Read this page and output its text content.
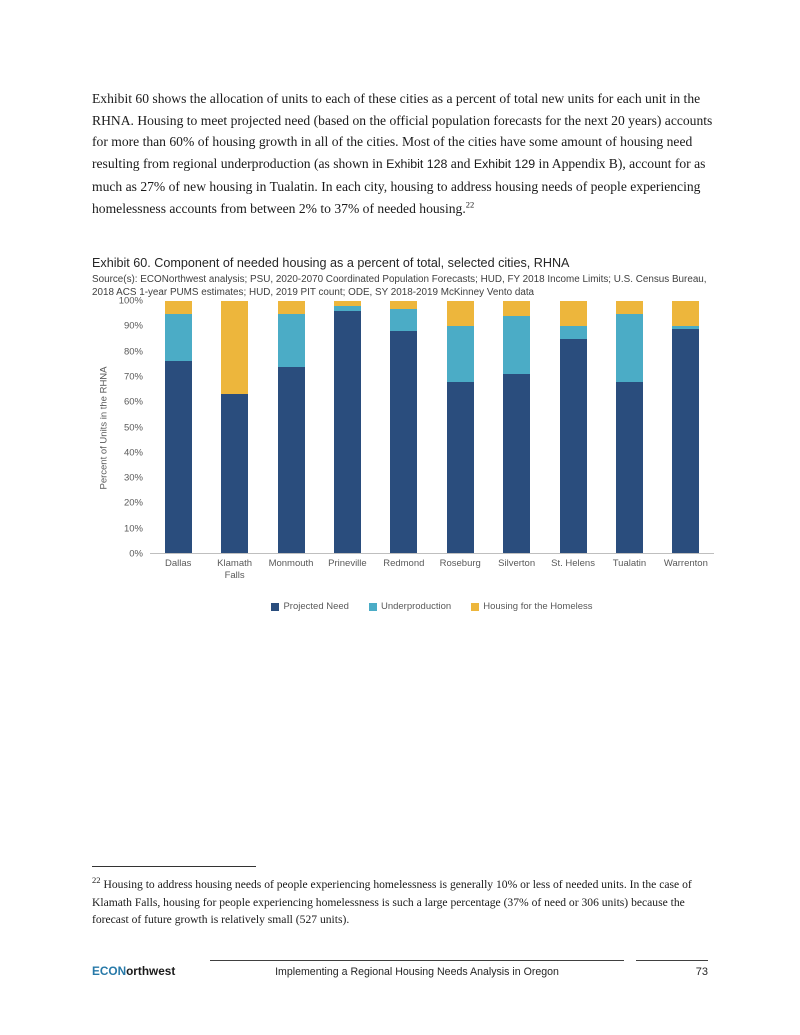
Exhibit 60 shows the allocation of units to each of these cities as a percent of total new units for each unit in the RHNA. Housing to meet projected need (based on the official population forecasts for the next 20 years) accounts for more than 60% of housing growth in all of the cities. Most of the cities have some amount of housing need resulting from regional underproduction (as shown in Exhibit 128 and Exhibit 129 in Appendix B), account for as much as 27% of new housing in Tualatin. In each city, housing to address housing needs of people experiencing homelessness accounts from between 2% to 37% of needed housing.$^{22}$

Exhibit 60. Component of needed housing as a percent of total, selected cities, RHNA
Source(s): ECONorthwest analysis; PSU, 2020-2070 Coordinated Population Forecasts; HUD, FY 2018 Income Limits; U.S. Census Bureau, 2018 ACS 1-year PUMS estimates; HUD, 2019 PIT count; ODE, SY 2018-2019 McKinney Vento data
Percent of Units in the RHNA
100%
90%
80%
70%
60%
50%
40%
30%
20%
10%
0%
Dallas	Klamath Falls
Monmouth	Prineville	Redmond	Roseburg	Silverton	St. Helens	Tualatin	Warrenton
Projected Need	Underproduction	Housing for the Homeless

$^{22}$ Housing to address housing needs of people experiencing homelessness is generally 10% or less of needed units. In the case of Klamath Falls, housing for people experiencing homelessness is such a large percentage (37% of need or 306 units) because the forecast of future growth is relatively small (527 units).

ECONorthwest	Implementing a Regional Housing Needs Analysis in Oregon	73
